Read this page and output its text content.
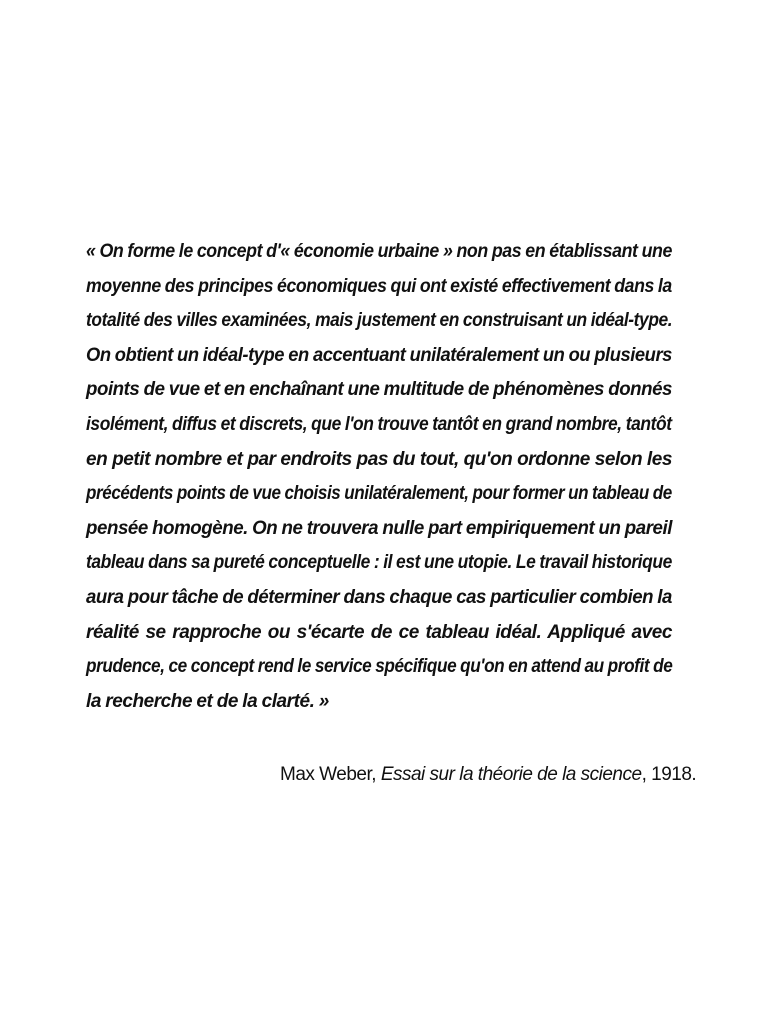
« On forme le concept d'« économie urbaine » non pas en établissant une
moyenne des principes économiques qui ont existé effectivement dans la
totalité des villes examinées, mais justement en construisant un idéal-type.
On obtient un idéal-type en accentuant unilatéralement un ou plusieurs
points de vue et en enchaînant une multitude de phénomènes donnés
isolément, diffus et discrets, que l'on trouve tantôt en grand nombre, tantôt
en petit nombre et par endroits pas du tout, qu'on ordonne selon les
précédents points de vue choisis unilatéralement, pour former un tableau de
pensée homogène. On ne trouvera nulle part empiriquement un pareil
tableau dans sa pureté conceptuelle : il est une utopie. Le travail historique
aura pour tâche de déterminer dans chaque cas particulier combien la
réalité se rapproche ou s'écarte de ce tableau idéal. Appliqué avec
prudence, ce concept rend le service spécifique qu'on en attend au profit de
la recherche et de la clarté. »

Max Weber, Essai sur la théorie de la science, 1918.
